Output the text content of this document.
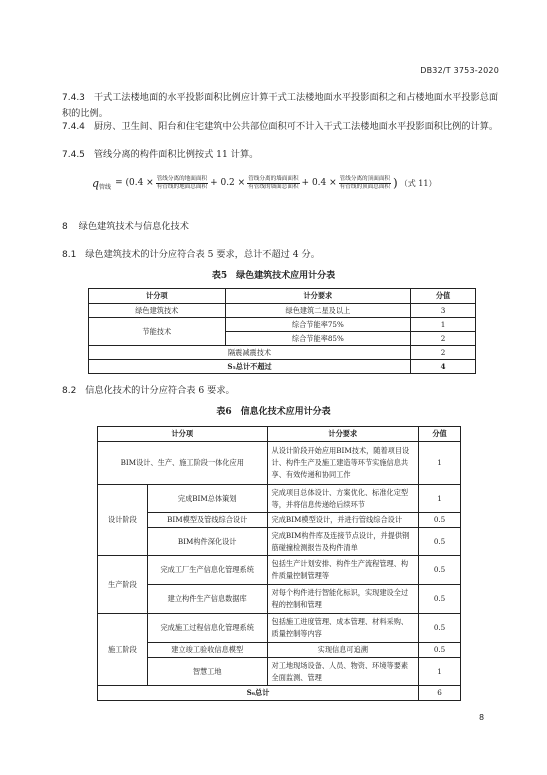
DB32/T 3753-2020
7.4.3 干式工法楼地面的水平投影面积比例应计算干式工法楼地面水平投影面积之和占楼地面水平投影总面积的比例。
7.4.4 厨房、卫生间、阳台和住宅建筑中公共部位面积可不计入干式工法楼地面水平投影面积比例的计算。
7.4.5 管线分离的构件面积比例按式 11 计算。
q 管线 = ($0.4 \times \frac{\text{管线分离的地面面积}}{\text{有管线的地面总面积}} + 0.2 \times \frac{\text{管线分离的墙面面积}}{\text{有管线的墙面总面积}} + 0.4 \times \frac{\text{管线分离的顶面面积}}{\text{有管线的顶面总面积}}$ ) （式 11）
8 绿色建筑技术与信息化技术
8.1 绿色建筑技术的计分应符合表 5 要求，总计不超过 4 分。
表5　绿色建筑技术应用计分表
计分项	计分要求	分值
绿色建筑技术	绿色建筑二星及以上	3
节能技术	综合节能率75%	1
	综合节能率85%	2
隔震减震技术		2
S₅总计不超过		4
8.2 信息化技术的计分应符合表 6 要求。
表6　信息化技术应用计分表
计分项		计分要求	分值
BIM设计、生产、施工阶段一体化应用		从设计阶段开始应用BIM技术，随着项目设计、构件生产及施工建造等环节实施信息共享、有效传递和协同工作	1
设计阶段	完成BIM总体策划	完成项目总体设计、方案优化、标准化定型等，并将信息传递给后续环节	1
	BIM模型及管线综合设计	完成BIM模型设计，并进行管线综合设计	0.5
	BIM构件深化设计	完成BIM构件库及连接节点设计，并提供钢筋碰撞检测报告及构件清单	0.5
生产阶段	完成工厂生产信息化管理系统	包括生产计划安排、构件生产流程管理、构件质量控制管理等	0.5
	建立构件生产信息数据库	对每个构件进行智能化标识，实现建设全过程的控制和管理	0.5
施工阶段	完成施工过程信息化管理系统	包括施工进度管理、成本管理、材料采购、质量控制等内容	0.5
	建立竣工验收信息模型	实现信息可追溯	0.5
	智慧工地	对工地现场设备、人员、物资、环境等要素全面监测、管理	1
S₆总计			6
8
